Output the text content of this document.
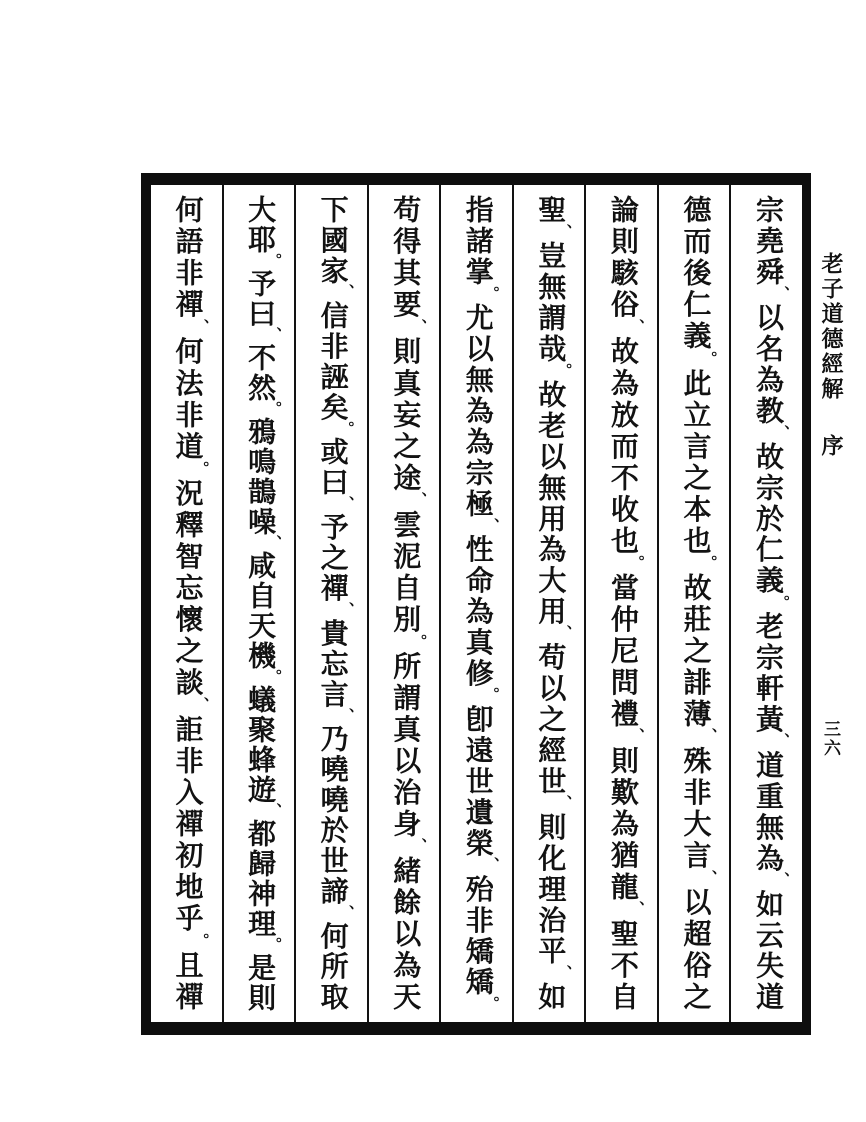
宗堯舜、以名為教、故宗於仁義。老宗軒黃、道重無為、如云失道
德而後仁義。此立言之本也。故莊之誹薄、殊非大言、以超俗之
論則駭俗、故為放而不收也。當仲尼問禮、則歎為猶龍、聖不自
聖、豈無謂哉。故老以無用為大用、苟以之經世、則化理治平、如
指諸掌。尤以無為為宗極、性命為真修。卽遠世遺榮、殆非矯矯。
苟得其要、則真妄之途、雲泥自別。所謂真以治身、緒餘以為天
下國家、信非誣矣。或曰、予之禪、貴忘言、乃嘵嘵於世諦、何所取
大耶。予曰、不然。鴉鳴鵲噪、咸自天機。蟻聚蜂遊、都歸神理。是則
何語非禪、何法非道。況釋智忘懷之談、詎非入禪初地乎。且禪
老子道德經解
序
三六
